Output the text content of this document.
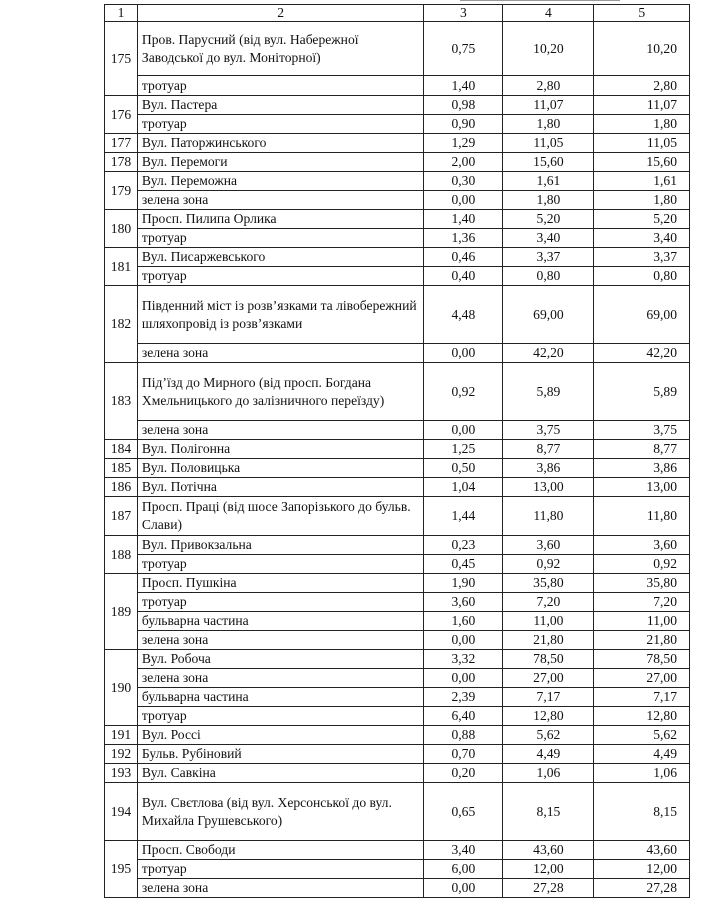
1	2	3	4	5
175	Пров. Парусний (від вул. Набережної Заводської до вул. Моніторної)	0,75	10,20	10,20
	тротуар	1,40	2,80	2,80
176	Вул. Пастера	0,98	11,07	11,07
	тротуар	0,90	1,80	1,80
177	Вул. Паторжинського	1,29	11,05	11,05
178	Вул. Перемоги	2,00	15,60	15,60
179	Вул. Переможна	0,30	1,61	1,61
	зелена зона	0,00	1,80	1,80
180	Просп. Пилипа Орлика	1,40	5,20	5,20
	тротуар	1,36	3,40	3,40
181	Вул. Писаржевського	0,46	3,37	3,37
	тротуар	0,40	0,80	0,80
182	Південний міст із розв’язками та лівобережний шляхопровід із розв’язками	4,48	69,00	69,00
	зелена зона	0,00	42,20	42,20
183	Під’їзд до Мирного (від просп. Богдана Хмельницького до залізничного переїзду)	0,92	5,89	5,89
	зелена зона	0,00	3,75	3,75
184	Вул. Полігонна	1,25	8,77	8,77
185	Вул. Половицька	0,50	3,86	3,86
186	Вул. Потічна	1,04	13,00	13,00
187	Просп. Праці (від шосе Запорізького до бульв. Слави)	1,44	11,80	11,80
188	Вул. Привокзальна	0,23	3,60	3,60
	тротуар	0,45	0,92	0,92
189	Просп. Пушкіна	1,90	35,80	35,80
	тротуар	3,60	7,20	7,20
	бульварна частина	1,60	11,00	11,00
	зелена зона	0,00	21,80	21,80
190	Вул. Робоча	3,32	78,50	78,50
	зелена зона	0,00	27,00	27,00
	бульварна частина	2,39	7,17	7,17
	тротуар	6,40	12,80	12,80
191	Вул. Россі	0,88	5,62	5,62
192	Бульв. Рубіновий	0,70	4,49	4,49
193	Вул. Савкіна	0,20	1,06	1,06
194	Вул. Свєтлова (від вул. Херсонської до вул. Михайла Грушевського)	0,65	8,15	8,15
195	Просп. Свободи	3,40	43,60	43,60
	тротуар	6,00	12,00	12,00
	зелена зона	0,00	27,28	27,28
